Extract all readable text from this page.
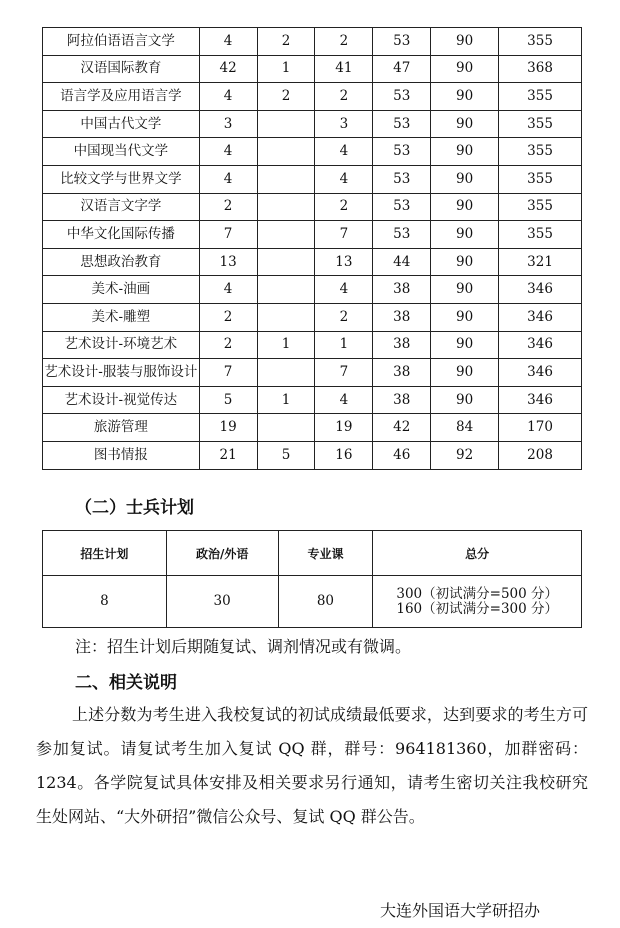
阿拉伯语语言文学	4	2	2	53	90	355
汉语国际教育	42	1	41	47	90	368
语言学及应用语言学	4	2	2	53	90	355
中国古代文学	3		3	53	90	355
中国现当代文学	4		4	53	90	355
比较文学与世界文学	4		4	53	90	355
汉语言文字学	2		2	53	90	355
中华文化国际传播	7		7	53	90	355
思想政治教育	13		13	44	90	321
美术-油画	4		4	38	90	346
美术-雕塑	2		2	38	90	346
艺术设计-环境艺术	2	1	1	38	90	346
艺术设计-服装与服饰设计	7		7	38	90	346
艺术设计-视觉传达	5	1	4	38	90	346
旅游管理	19		19	42	84	170
图书情报	21	5	16	46	92	208
（二）士兵计划
招生计划	政治/外语	专业课	总分
8	30	80	300（初试满分=500 分）
160（初试满分=300 分）

注：招生计划后期随复试、调剂情况或有微调。

二、相关说明

上述分数为考生进入我校复试的初试成绩最低要求，达到要求的考生方可参加复试。请复试考生加入复试 QQ 群，群号：964181360，加群密码：1234。各学院复试具体安排及相关要求另行通知，请考生密切关注我校研究生处网站、“大外研招”微信公众号、复试 QQ 群公告。

大连外国语大学研招办
